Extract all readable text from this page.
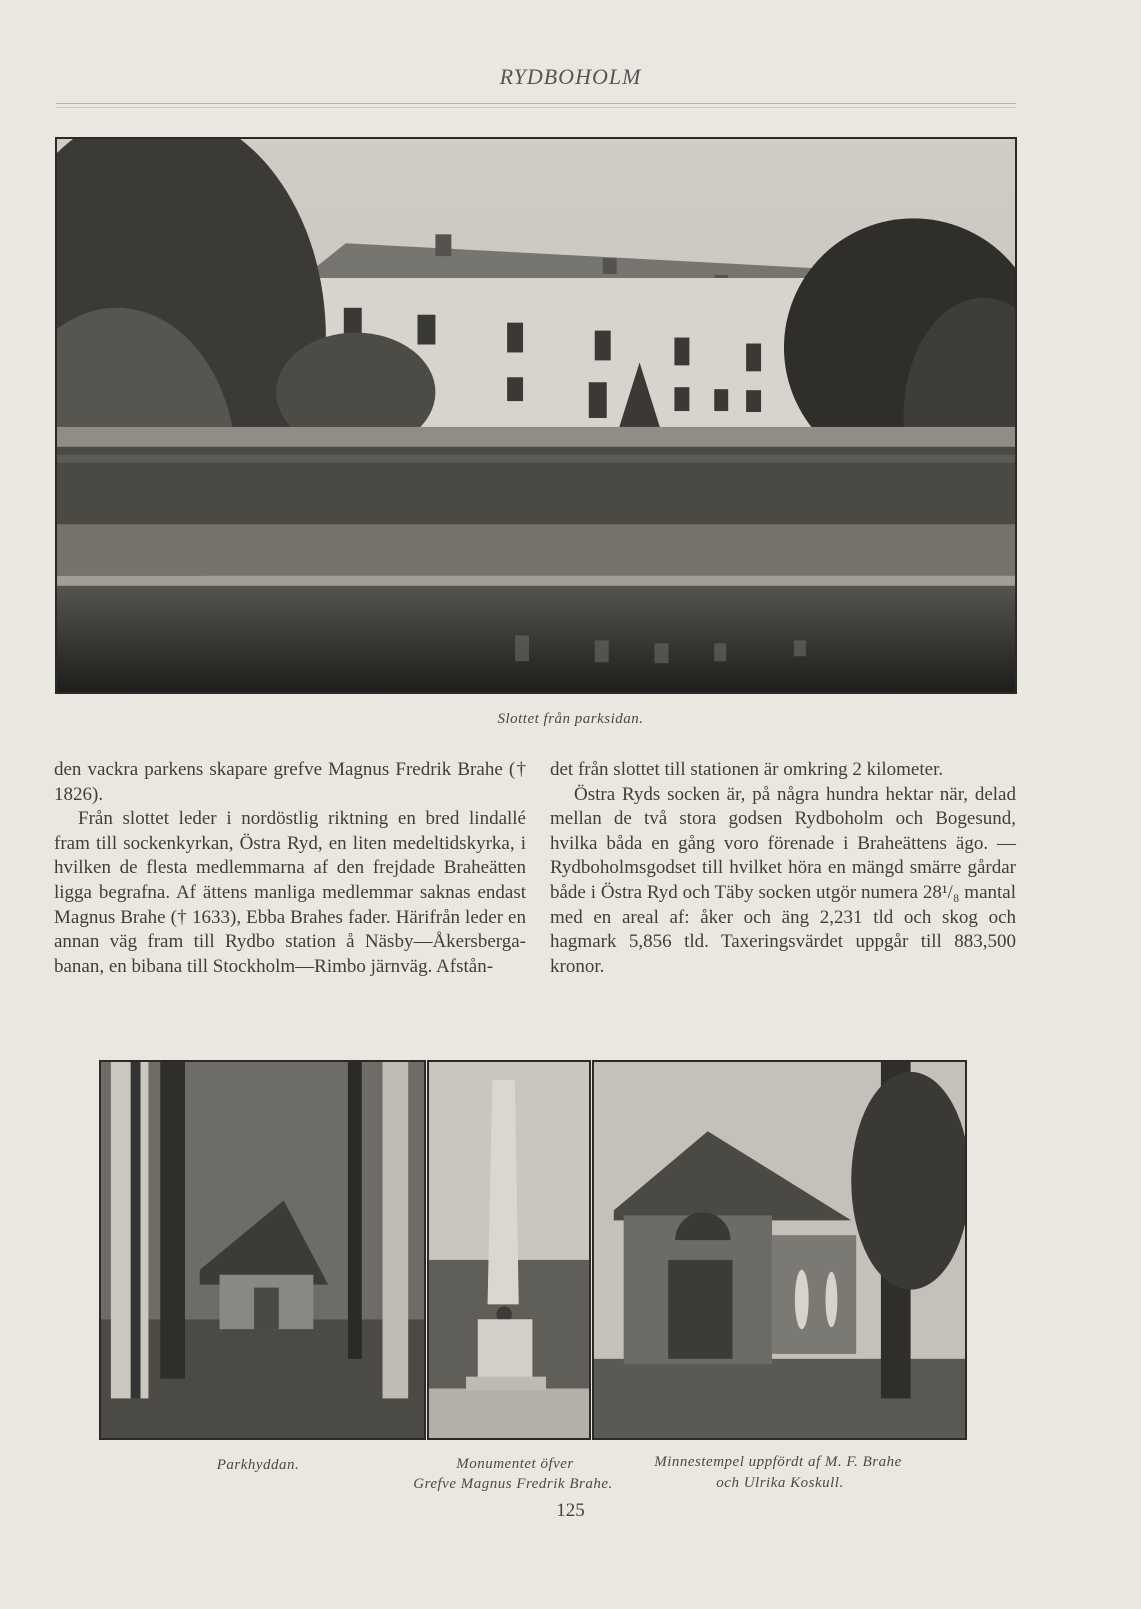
RYDBOHOLM
Slottet från parksidan.

den vackra parkens skapare grefve Magnus Fredrik Brahe († 1826).

Från slottet leder i nordöstlig riktning en bred lindallé fram till sockenkyrkan, Östra Ryd, en liten medeltidskyrka, i hvilken de flesta medlemmarna af den frejdade Braheätten ligga begrafna. Af ättens manliga medlemmar saknas endast Magnus Brahe († 1633), Ebba Brahes fader. Härifrån leder en annan väg fram till Rydbo station å Näsby—Åkersberga-banan, en bibana till Stockholm—Rimbo järnväg. Afstån-

det från slottet till stationen är omkring 2 kilometer.

Östra Ryds socken är, på några hundra hektar när, delad mellan de två stora godsen Rydboholm och Bogesund, hvilka båda en gång voro förenade i Braheättens ägo. — Rydboholmsgodset till hvilket höra en mängd smärre gårdar både i Östra Ryd och Täby socken utgör numera 28¹/₈ mantal med en areal af: åker och äng 2,231 tld och skog och hagmark 5,856 tld. Taxeringsvärdet uppgår till 883,500 kronor.

Parkhyddan.	Monumentet öfver
Grefve Magnus Fredrik Brahe.
Minnestempel uppfördt af M. F. Brahe
och Ulrika Koskull.
125
